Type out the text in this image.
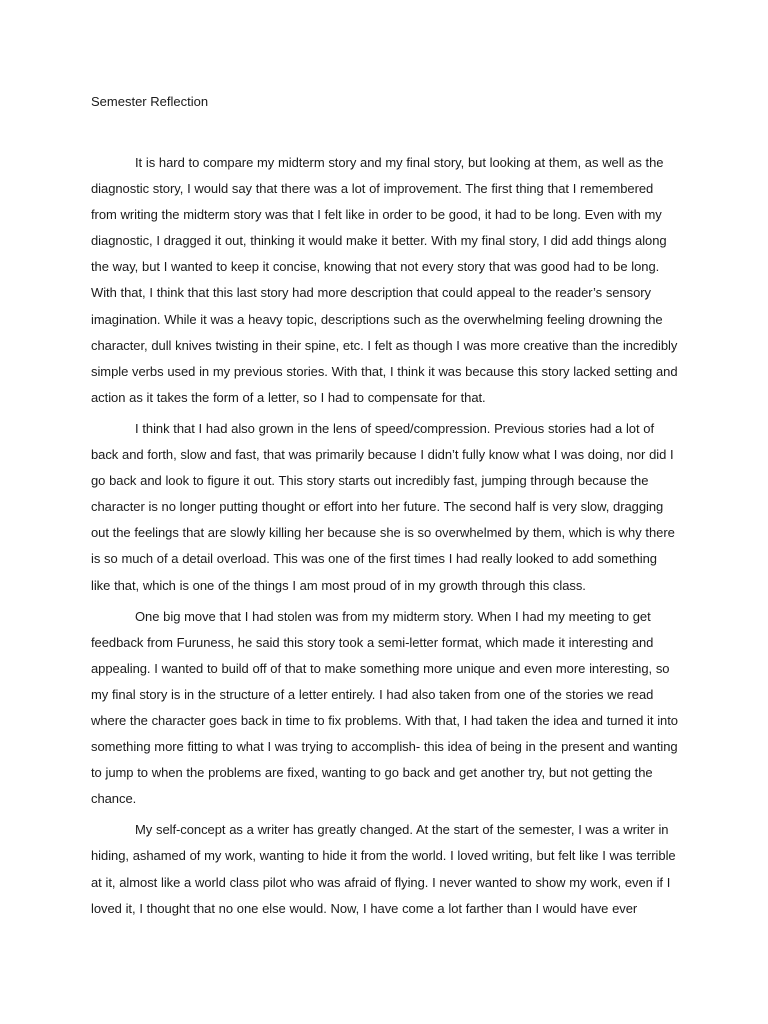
Semester Reflection

It is hard to compare my midterm story and my final story, but looking at them, as well as the diagnostic story, I would say that there was a lot of improvement. The first thing that I remembered from writing the midterm story was that I felt like in order to be good, it had to be long. Even with my diagnostic, I dragged it out, thinking it would make it better. With my final story, I did add things along the way, but I wanted to keep it concise, knowing that not every story that was good had to be long. With that, I think that this last story had more description that could appeal to the reader’s sensory imagination. While it was a heavy topic, descriptions such as the overwhelming feeling drowning the character, dull knives twisting in their spine, etc. I felt as though I was more creative than the incredibly simple verbs used in my previous stories. With that, I think it was because this story lacked setting and action as it takes the form of a letter, so I had to compensate for that.

I think that I had also grown in the lens of speed/compression. Previous stories had a lot of back and forth, slow and fast, that was primarily because I didn’t fully know what I was doing, nor did I go back and look to figure it out. This story starts out incredibly fast, jumping through because the character is no longer putting thought or effort into her future. The second half is very slow, dragging out the feelings that are slowly killing her because she is so overwhelmed by them, which is why there is so much of a detail overload. This was one of the first times I had really looked to add something like that, which is one of the things I am most proud of in my growth through this class.

One big move that I had stolen was from my midterm story. When I had my meeting to get feedback from Furuness, he said this story took a semi-letter format, which made it interesting and appealing. I wanted to build off of that to make something more unique and even more interesting, so my final story is in the structure of a letter entirely. I had also taken from one of the stories we read where the character goes back in time to fix problems. With that, I had taken the idea and turned it into something more fitting to what I was trying to accomplish- this idea of being in the present and wanting to jump to when the problems are fixed, wanting to go back and get another try, but not getting the chance.

My self-concept as a writer has greatly changed. At the start of the semester, I was a writer in hiding, ashamed of my work, wanting to hide it from the world. I loved writing, but felt like I was terrible at it, almost like a world class pilot who was afraid of flying. I never wanted to show my work, even if I loved it, I thought that no one else would. Now, I have come a lot farther than I would have ever
